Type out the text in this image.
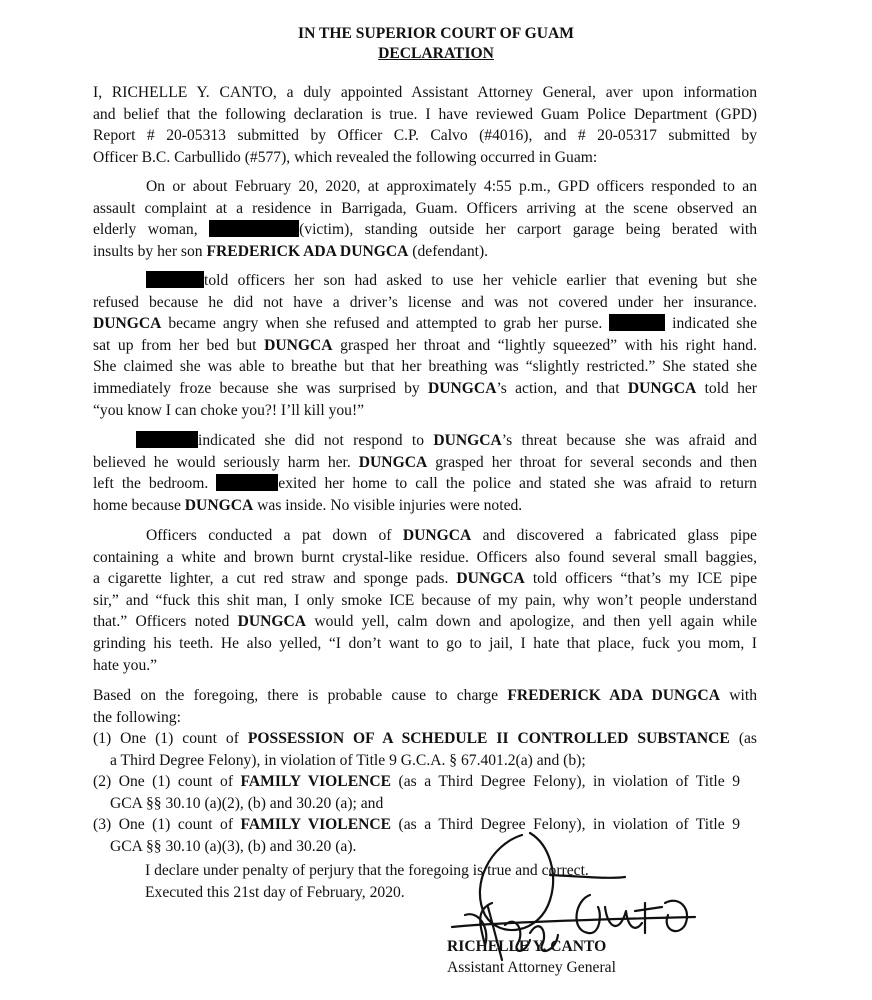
IN THE SUPERIOR COURT OF GUAM
DECLARATION
I, RICHELLE Y. CANTO, a duly appointed Assistant Attorney General, aver upon information
and belief that the following declaration is true. I have reviewed Guam Police Department (GPD)
Report # 20-05313 submitted by Officer C.P. Calvo (#4016), and # 20-05317 submitted by
Officer B.C. Carbullido (#577), which revealed the following occurred in Guam:
On or about February 20, 2020, at approximately 4:55 p.m., GPD officers responded to an
assault complaint at a residence in Barrigada, Guam. Officers arriving at the scene observed an
elderly woman,	(victim), standing outside her carport garage being berated with
insults by her son FREDERICK ADA DUNGCA (defendant).
told officers her son had asked to use her vehicle earlier that evening but she
refused because he did not have a driver’s license and was not covered under her insurance.
DUNGCA became angry when she refused and attempted to grab her purse.	indicated she
sat up from her bed but DUNGCA grasped her throat and “lightly squeezed” with his right hand.
She claimed she was able to breathe but that her breathing was “slightly restricted.” She stated she
immediately froze because she was surprised by DUNGCA’s action, and that DUNGCA told her
“you know I can choke you?! I’ll kill you!”
indicated she did not respond to DUNGCA’s threat because she was afraid and
believed he would seriously harm her. DUNGCA grasped her throat for several seconds and then
left the bedroom.	exited her home to call the police and stated she was afraid to return
home because DUNGCA was inside. No visible injuries were noted.
Officers conducted a pat down of DUNGCA and discovered a fabricated glass pipe
containing a white and brown burnt crystal-like residue. Officers also found several small baggies,
a cigarette lighter, a cut red straw and sponge pads. DUNGCA told officers “that’s my ICE pipe
sir,” and “fuck this shit man, I only smoke ICE because of my pain, why won’t people understand
that.” Officers noted DUNGCA would yell, calm down and apologize, and then yell again while
grinding his teeth. He also yelled, “I don’t want to go to jail, I hate that place, fuck you mom, I
hate you.”
Based on the foregoing, there is probable cause to charge FREDERICK ADA DUNGCA with
the following:
(1) One (1) count of POSSESSION OF A SCHEDULE II CONTROLLED SUBSTANCE (as
a Third Degree Felony), in violation of Title 9 G.C.A. § 67.401.2(a) and (b);
(2) One (1) count of FAMILY VIOLENCE (as a Third Degree Felony), in violation of Title 9
GCA §§ 30.10 (a)(2), (b) and 30.20 (a); and
(3) One (1) count of FAMILY VIOLENCE (as a Third Degree Felony), in violation of Title 9
GCA §§ 30.10 (a)(3), (b) and 30.20 (a).
I declare under penalty of perjury that the foregoing is true and correct.
Executed this 21st day of February, 2020.
RICHELLE Y. CANTO
Assistant Attorney General
